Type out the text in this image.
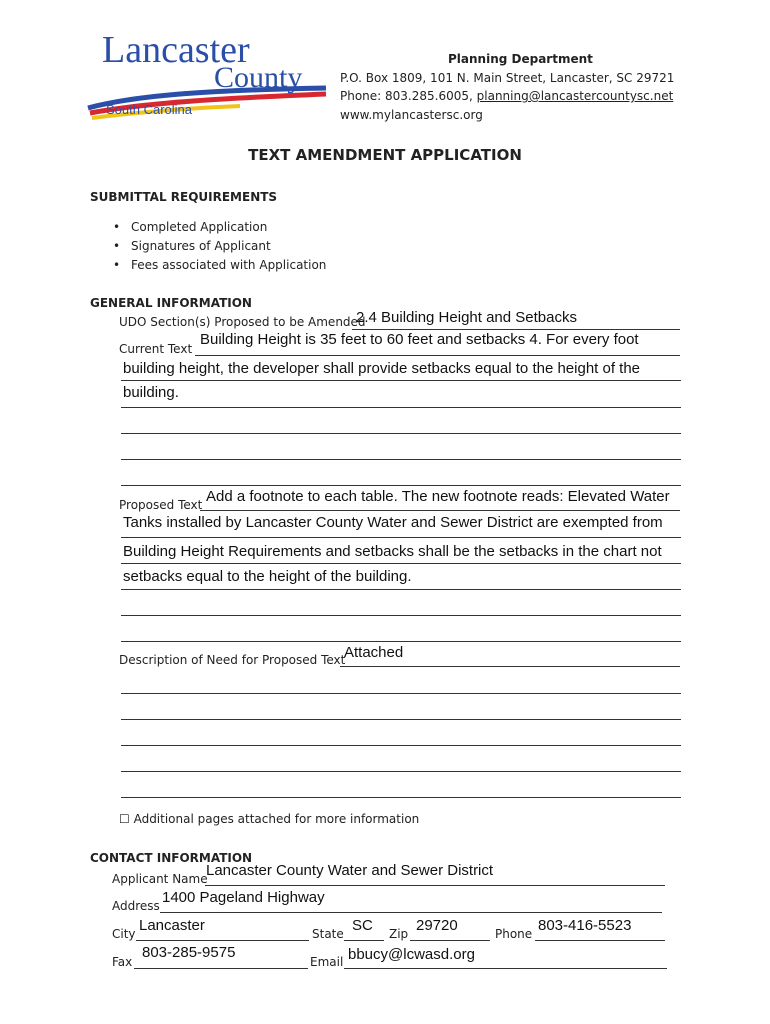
Lancaster
County
South Carolina
Planning Department
P.O. Box 1809, 101 N. Main Street, Lancaster, SC 29721
Phone: 803.285.6005, planning@lancastercountysc.net
www.mylancastersc.org
TEXT AMENDMENT APPLICATION
SUBMITTAL REQUIREMENTS
• Completed Application
• Signatures of Applicant
• Fees associated with Application
GENERAL INFORMATION
UDO Section(s) Proposed to be Amended
2.4 Building Height and Setbacks
Current Text
Building Height is 35 feet to 60 feet and setbacks 4. For every foot
building height, the developer shall provide setbacks equal to the height of the
building.
Proposed Text Add a footnote to each table. The new footnote reads: Elevated Water
Tanks installed by Lancaster County Water and Sewer District are exempted from
Building Height Requirements and setbacks shall be the setbacks in the chart not
setbacks equal to the height of the building.
Description of Need for Proposed Text
Attached
☐ Additional pages attached for more information
CONTACT INFORMATION
Applicant Name
Lancaster County Water and Sewer District
Address 1400 Pageland Highway
City Lancaster	State SC Zip 29720	Phone 803-416-5523
Fax
803-285-9575
Email bbucy@lcwasd.org
